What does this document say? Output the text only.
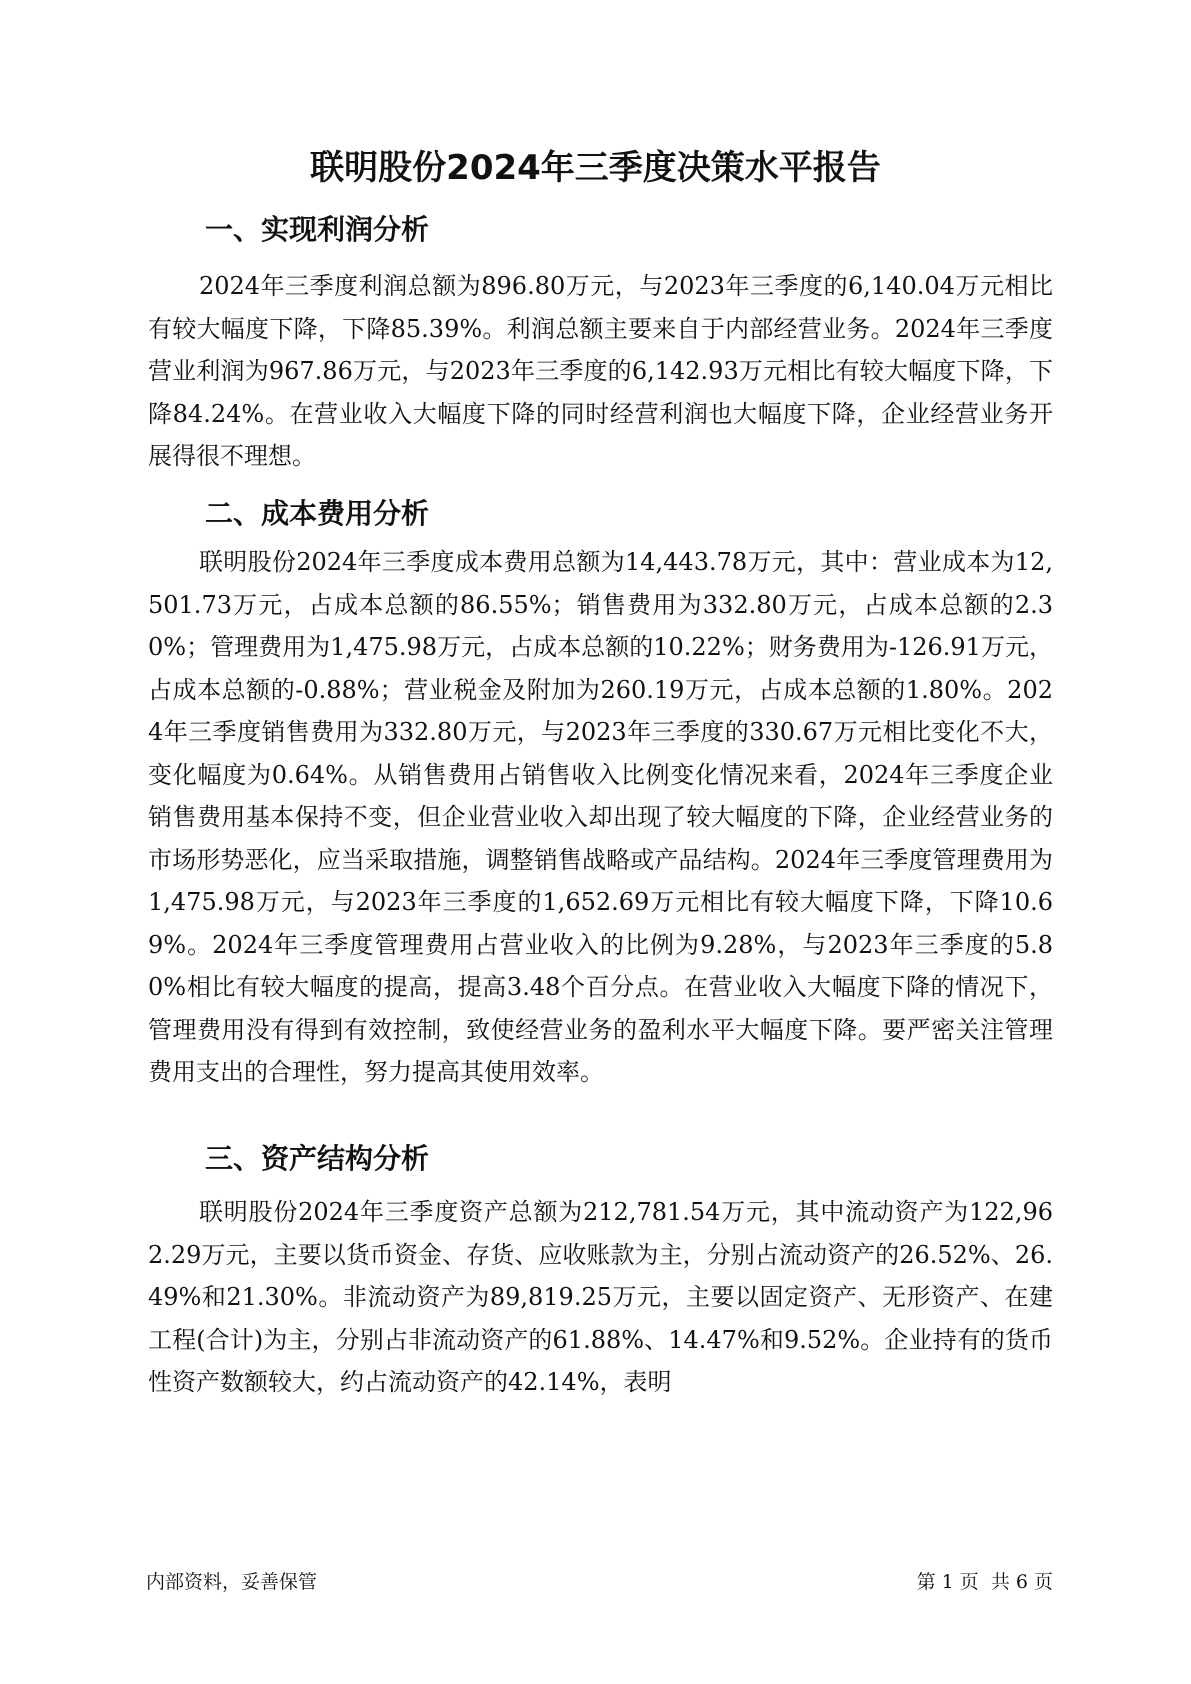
联明股份2024年三季度决策水平报告
一、实现利润分析

2024年三季度利润总额为896.80万元，与2023年三季度的6,140.04万元相比有较大幅度下降，下降85.39%。利润总额主要来自于内部经营业务。2024年三季度营业利润为967.86万元，与2023年三季度的6,142.93万元相比有较大幅度下降，下降84.24%。在营业收入大幅度下降的同时经营利润也大幅度下降，企业经营业务开展得很不理想。

二、成本费用分析

联明股份2024年三季度成本费用总额为14,443.78万元，其中：营业成本为12,501.73万元，占成本总额的86.55%；销售费用为332.80万元，占成本总额的2.30%；管理费用为1,475.98万元，占成本总额的10.22%；财务费用为-126.91万元，占成本总额的-0.88%；营业税金及附加为260.19万元，占成本总额的1.80%。2024年三季度销售费用为332.80万元，与2023年三季度的330.67万元相比变化不大，变化幅度为0.64%。从销售费用占销售收入比例变化情况来看，2024年三季度企业销售费用基本保持不变，但企业营业收入却出现了较大幅度的下降，企业经营业务的市场形势恶化，应当采取措施，调整销售战略或产品结构。2024年三季度管理费用为1,475.98万元，与2023年三季度的1,652.69万元相比有较大幅度下降，下降10.69%。2024年三季度管理费用占营业收入的比例为9.28%，与2023年三季度的5.80%相比有较大幅度的提高，提高3.48个百分点。在营业收入大幅度下降的情况下，管理费用没有得到有效控制，致使经营业务的盈利水平大幅度下降。要严密关注管理费用支出的合理性，努力提高其使用效率。

三、资产结构分析

联明股份2024年三季度资产总额为212,781.54万元，其中流动资产为122,962.29万元，主要以货币资金、存货、应收账款为主，分别占流动资产的26.52%、26.49%和21.30%。非流动资产为89,819.25万元，主要以固定资产、无形资产、在建工程(合计)为主，分别占非流动资产的61.88%、14.47%和9.52%。企业持有的货币性资产数额较大，约占流动资产的42.14%，表明

内部资料，妥善保管	第 1 页  共 6 页
